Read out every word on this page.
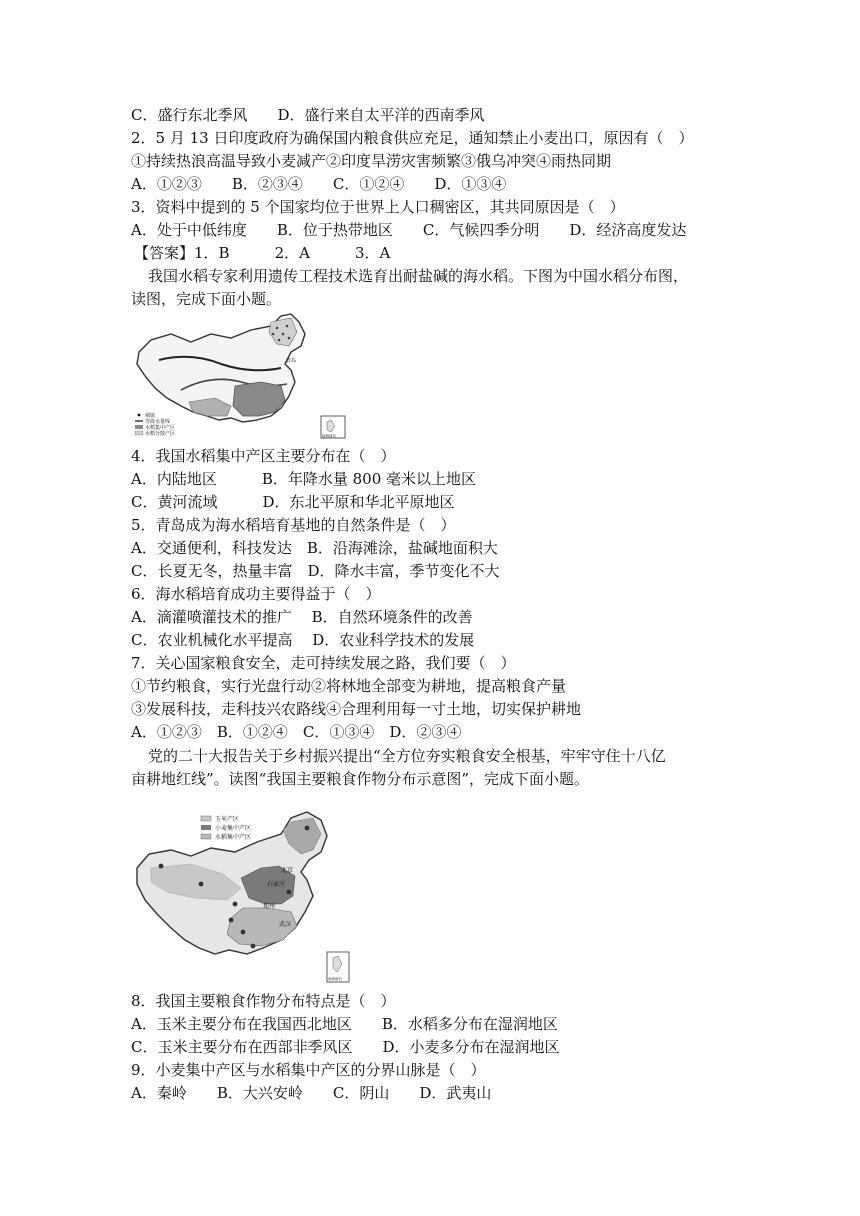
C．盛行东北季风　　D．盛行来自太平洋的西南季风
2．5 月 13 日印度政府为确保国内粮食供应充足，通知禁止小麦出口，原因有（　）
①持续热浪高温导致小麦减产②印度旱涝灾害频繁③俄乌冲突④雨热同期
A．①②③　　B．②③④　　C．①②④　　D．①③④
3．资料中提到的 5 个国家均位于世界上人口稠密区，其共同原因是（　）
A．处于中低纬度　　B．位于热带地区　　C．气候四季分明　　D．经济高度发达
【答案】1．B　　　2．A　　　3．A
我国水稻专家利用遗传工程技术选育出耐盐碱的海水稻。下图为中国水稻分布图，
读图，完成下面小题。
城镇
等降水量线
水稻集中产区
水稻分散产区
青岛
南海诸岛
4．我国水稻集中产区主要分布在（　）
A．内陆地区　　　B．年降水量 800 毫米以上地区
C．黄河流域　　　D．东北平原和华北平原地区
5．青岛成为海水稻培育基地的自然条件是（　）
A．交通便利，科技发达　B．沿海滩涂，盐碱地面积大
C．长夏无冬，热量丰富　D．降水丰富，季节变化不大
6．海水稻培育成功主要得益于（　）
A．滴灌喷灌技术的推广　 B．自然环境条件的改善
C．农业机械化水平提高　 D．农业科学技术的发展
7．关心国家粮食安全，走可持续发展之路，我们要（　）
①节约粮食，实行光盘行动②将林地全部变为耕地，提高粮食产量
③发展科技，走科技兴农路线④合理利用每一寸土地，切实保护耕地
A．①②③　B．①②④　C．①③④　D．②③④
党的二十大报告关于乡村振兴提出“全方位夯实粮食安全根基，牢牢守住十八亿
亩耕地红线”。读图“我国主要粮食作物分布示意图”，完成下面小题。
玉米产区
小麦集中产区
水稻集中产区
北京
石家庄
武汉
郑州
南海诸岛
8．我国主要粮食作物分布特点是（　）
A．玉米主要分布在我国西北地区　　B．水稻多分布在湿润地区
C．玉米主要分布在西部非季风区　　D．小麦多分布在湿润地区
9．小麦集中产区与水稻集中产区的分界山脉是（　）
A．秦岭　　B．大兴安岭　　C．阴山　　D．武夷山
